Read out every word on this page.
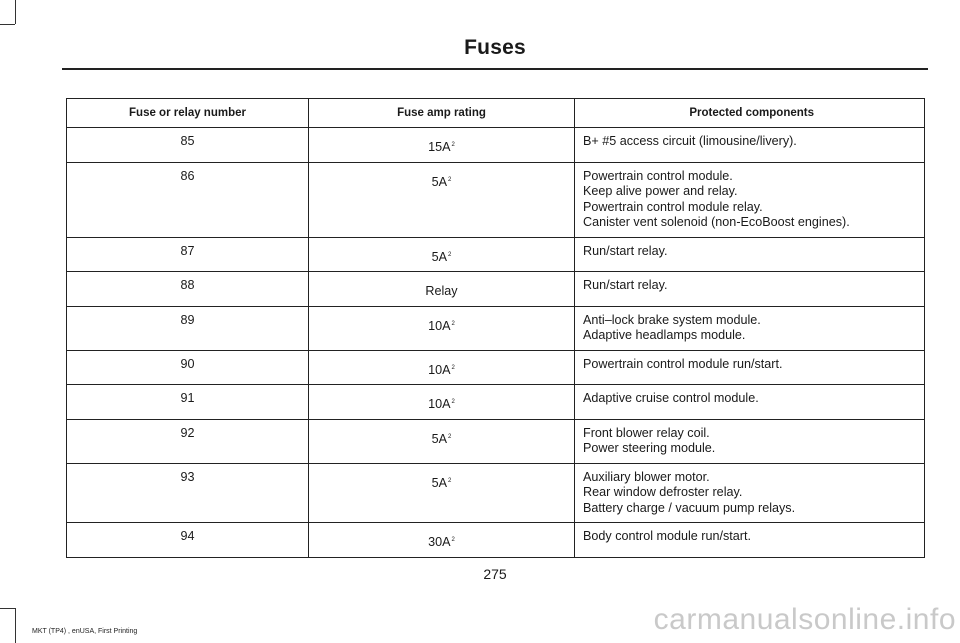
Fuses
Fuse or relay number	Fuse amp rating	Protected components
85	$15A^2$	B+ #5 access circuit (limousine/livery).

86	$5A^2$	Powertrain control module.
Keep alive power and relay.
Powertrain control module relay.
Canister vent solenoid (non-EcoBoost engines).

87	$5A^2$	Run/start relay.

88	Relay	Run/start relay.

89	$10A^2$	Anti–lock brake system module.
Adaptive headlamps module.

90	$10A^2$	Powertrain control module run/start.

91	$10A^2$	Adaptive cruise control module.

92	$5A^2$	Front blower relay coil.
Power steering module.

93	$5A^2$	Auxiliary blower motor.
Rear window defroster relay.
Battery charge / vacuum pump relays.

94	$30A^2$	Body control module run/start.
275
MKT (TP4) , enUSA, First Printing	carmanualsonline.info
